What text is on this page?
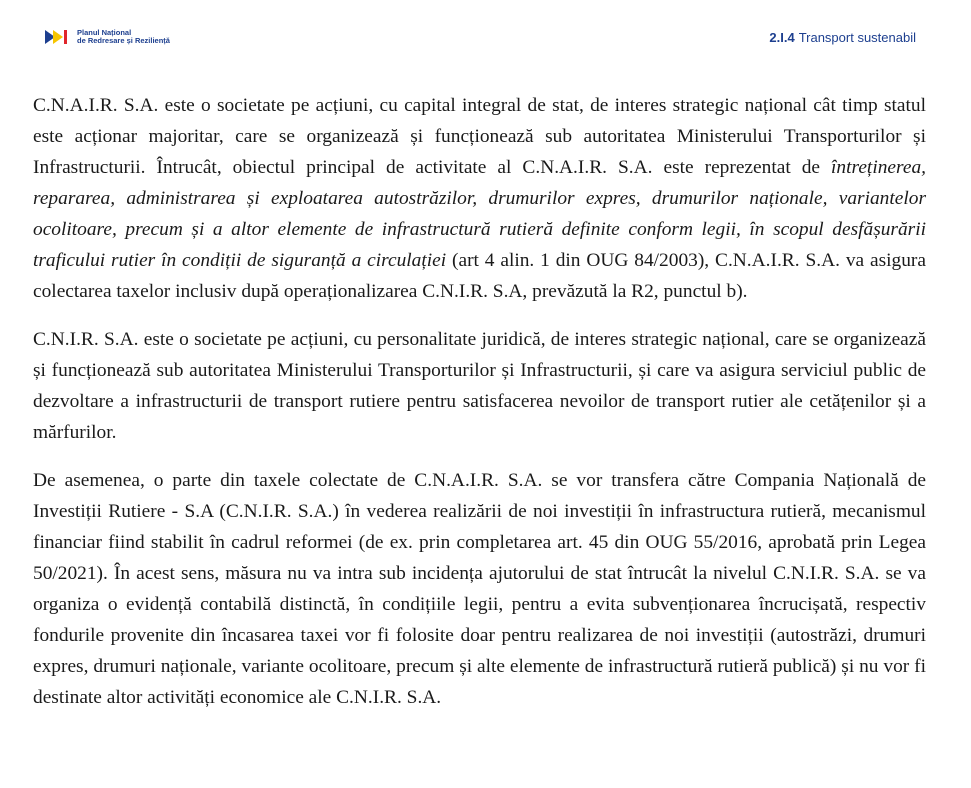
Planul Național
de Redresare și Reziliență	2.I.4 Transport sustenabil

C.N.A.I.R. S.A. este o societate pe acțiuni, cu capital integral de stat, de interes strategic național cât timp statul este acționar majoritar, care se organizează și funcționează sub autoritatea Ministerului Transporturilor și Infrastructurii. Întrucât, obiectul principal de activitate al C.N.A.I.R. S.A. este reprezentat de întreținerea, repararea, administrarea și exploatarea autostrăzilor, drumurilor expres, drumurilor naționale, variantelor ocolitoare, precum și a altor elemente de infrastructură rutieră definite conform legii, în scopul desfășurării traficului rutier în condiții de siguranță a circulației (art 4 alin. 1 din OUG 84/2003), C.N.A.I.R. S.A. va asigura colectarea taxelor inclusiv după operaționalizarea C.N.I.R. S.A, prevăzută la R2, punctul b).

C.N.I.R. S.A. este o societate pe acțiuni, cu personalitate juridică, de interes strategic național, care se organizează și funcționează sub autoritatea Ministerului Transporturilor și Infrastructurii, și care va asigura serviciul public de dezvoltare a infrastructurii de transport rutiere pentru satisfacerea nevoilor de transport rutier ale cetățenilor și a mărfurilor.

De asemenea, o parte din taxele colectate de C.N.A.I.R. S.A. se vor transfera către Compania Națională de Investiții Rutiere - S.A (C.N.I.R. S.A.) în vederea realizării de noi investiții în infrastructura rutieră, mecanismul financiar fiind stabilit în cadrul reformei (de ex. prin completarea art. 45 din OUG 55/2016, aprobată prin Legea 50/2021). În acest sens, măsura nu va intra sub incidența ajutorului de stat întrucât la nivelul C.N.I.R. S.A. se va organiza o evidență contabilă distinctă, în condițiile legii, pentru a evita subvenționarea încrucișată, respectiv fondurile provenite din încasarea taxei vor fi folosite doar pentru realizarea de noi investiții (autostrăzi, drumuri expres, drumuri naționale, variante ocolitoare, precum și alte elemente de infrastructură rutieră publică) și nu vor fi destinate altor activități economice ale C.N.I.R. S.A.
